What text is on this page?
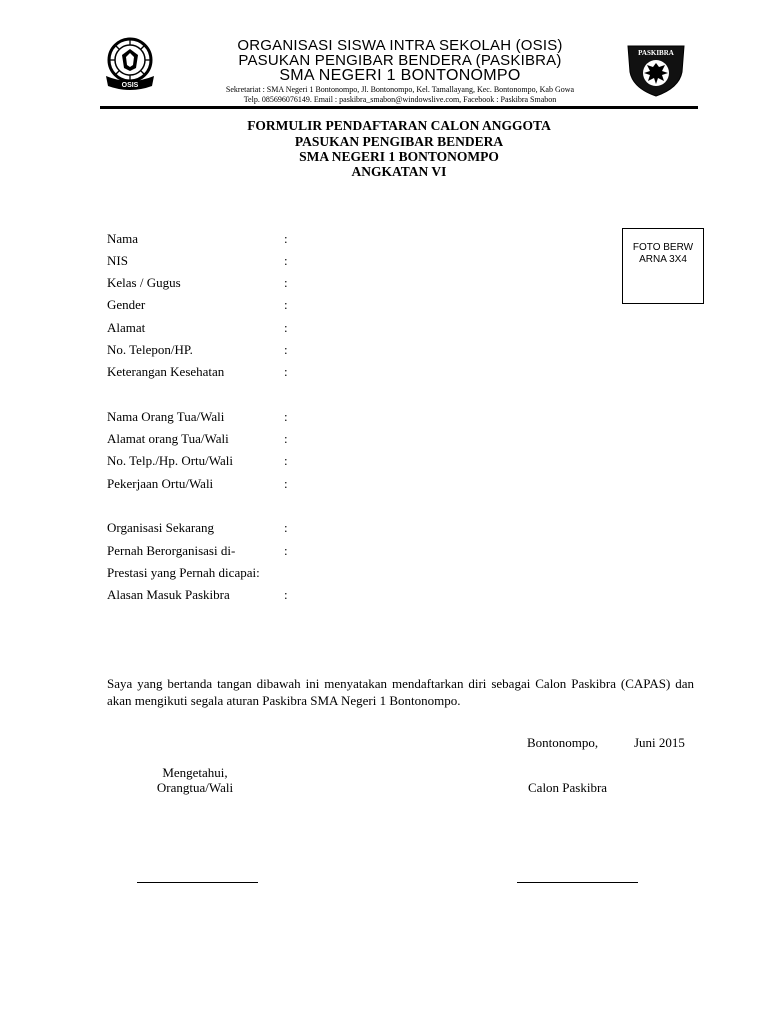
OSIS
ORGANISASI SISWA INTRA SEKOLAH (OSIS)
PASUKAN PENGIBAR BENDERA (PASKIBRA)
SMA NEGERI 1 BONTONOMPO
Sekretariat : SMA Negeri 1 Bontonompo, Jl. Bontonompo, Kel. Tamallayang, Kec. Bontonompo, Kab Gowa
Telp. 085696076149. Email : paskibra_smabon@windowslive.com, Facebook : Paskibra Smabon
PASKIBRA
FORMULIR PENDAFTARAN CALON ANGGOTA
PASUKAN PENGIBAR BENDERA
SMA NEGERI 1 BONTONOMPO
ANGKATAN VI
Nama	:
NIS	:
Kelas / Gugus	:
Gender	:
Alamat	:
No. Telepon/HP.	:
Keterangan Kesehatan	:
Nama Orang Tua/Wali	:
Alamat orang Tua/Wali	:
No. Telp./Hp. Ortu/Wali	:
Pekerjaan Ortu/Wali	:
Organisasi Sekarang	:
Pernah Berorganisasi di-	:
Prestasi yang Pernah dicapai:
Alasan Masuk Paskibra	:
FOTO BERWARNA 3X4
Saya yang bertanda tangan dibawah ini menyatakan mendaftarkan diri sebagai Calon Paskibra (CAPAS) dan akan mengikuti segala aturan Paskibra SMA Negeri 1 Bontonompo.
Bontonompo,	Juni 2015
Mengetahui,
Orangtua/Wali	Calon Paskibra
